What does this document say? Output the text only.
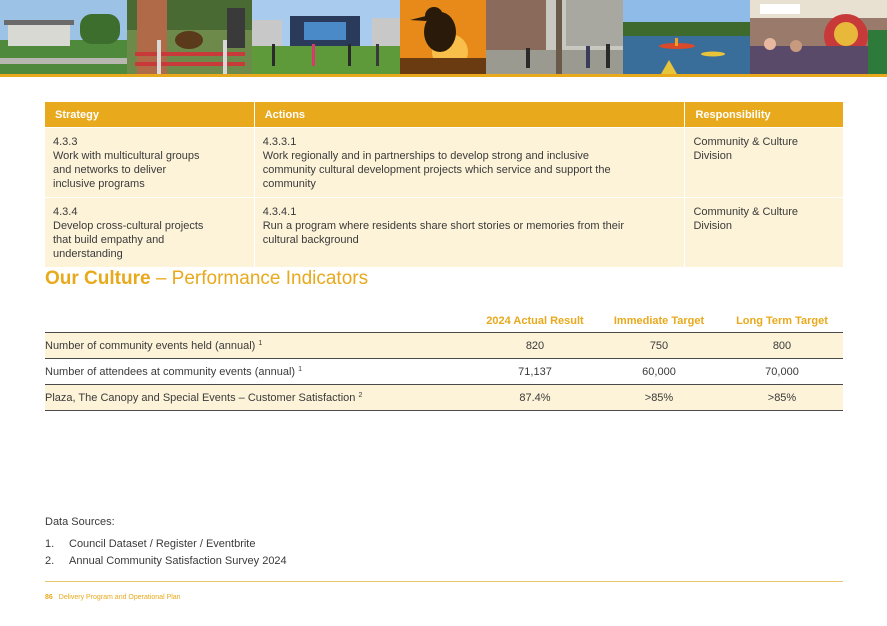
Strategy	Actions	Responsibility
4.3.3Work with multicultural groups and networks to deliver inclusive programs	4.3.3.1Work regionally and in partnerships to develop strong and inclusive community cultural development projects which service and support the community	Community & Culture Division
4.3.4Develop cross-cultural projects that build empathy and understanding	4.3.4.1Run a program where residents share short stories or memories from their cultural background	Community & Culture Division
Our Culture – Performance Indicators
	2024 Actual Result	Immediate Target	Long Term Target
Number of community events held (annual) $^1$	820	750	800
Number of attendees at community events (annual) $^1$	71,137	60,000	70,000
Plaza, The Canopy and Special Events – Customer Satisfaction $^2$	87.4%	>85%	>85%
Data Sources:
1. Council Dataset / Register / Eventbrite
2. Annual Community Satisfaction Survey 2024
86 Delivery Program and Operational Plan
